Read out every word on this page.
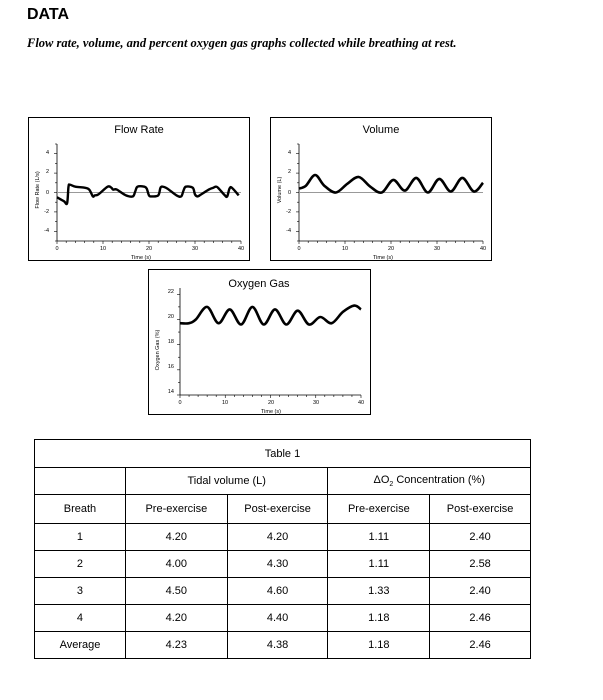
DATA
Flow rate, volume, and percent oxygen gas graphs collected while breathing at rest.
Flow Rate
Flow Rate (L/s)
Time (s)
0	10	20	30	40
4
2
0
-2
-4
Volume
Volume (L)
Time (s)
0	10	20	30	40
4
2
0
-2
-4
Oxygen Gas
Oxygen Gas (%)
Time (s)
0	10	20	30	40
22
20
18
16
14
Table 1				
	Tidal volume (L)		$\Delta O_2$ Concentration (%)	
Breath	Pre-exercise	Post-exercise	Pre-exercise	Post-exercise
1	4.20	4.20	1.11	2.40
2	4.00	4.30	1.11	2.58
3	4.50	4.60	1.33	2.40
4	4.20	4.40	1.18	2.46
Average	4.23	4.38	1.18	2.46
